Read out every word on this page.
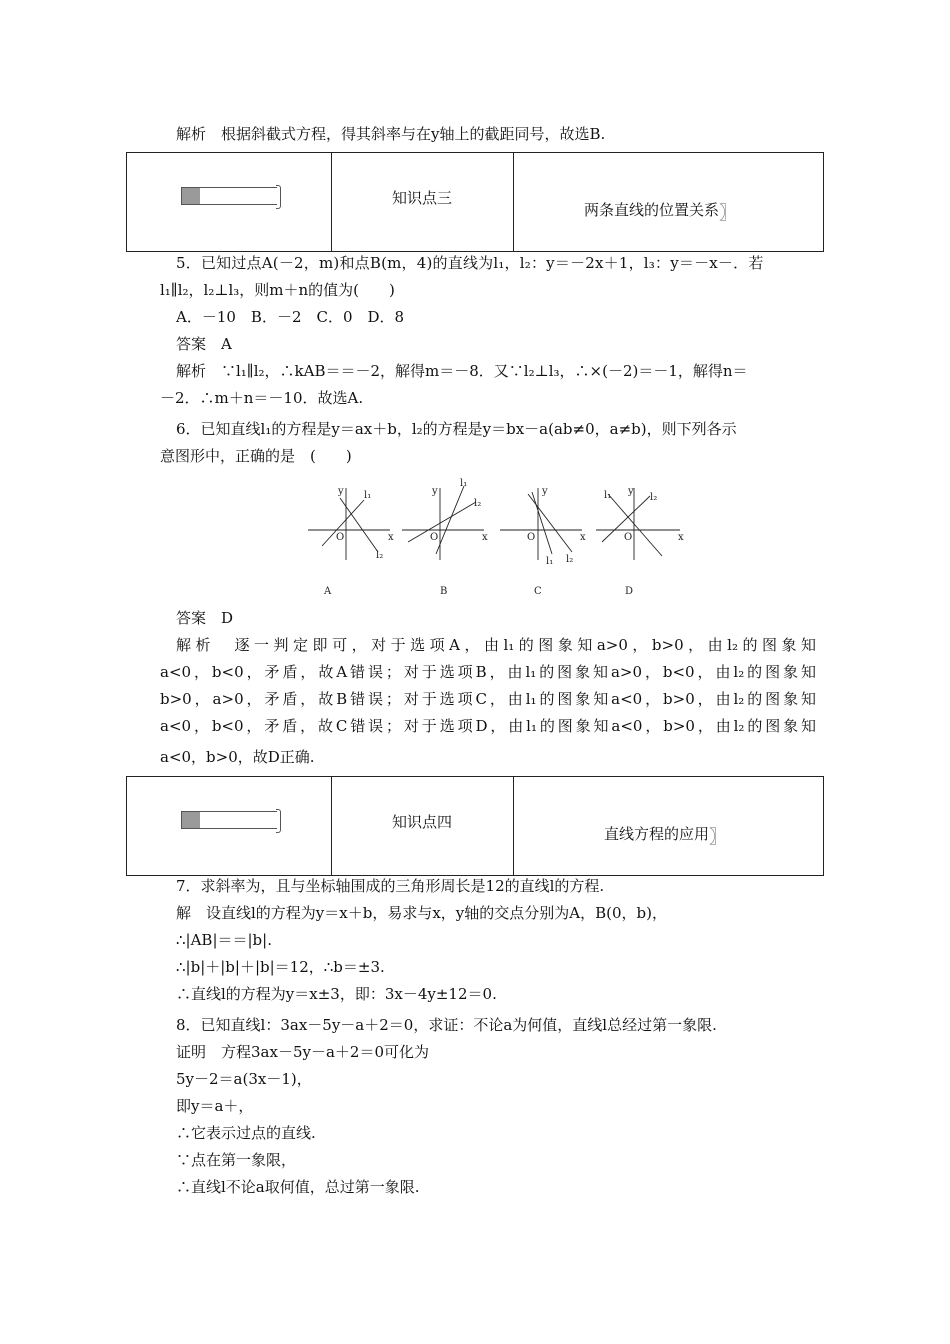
解析　根据斜截式方程，得其斜率与在y轴上的截距同号，故选B.
知识点三
两条直线的位置关系〗
5．已知过点A(－2，m)和点B(m，4)的直线为l₁，l₂：y＝－2x＋1，l₃：y＝－x－．若
l₁∥l₂，l₂⊥l₃，则m＋n的值为(　　)
A．－10　B．－2　C．0　D．8
答案　A
解析　∵l₁∥l₂，∴kAB＝＝－2，解得m＝－8．又∵l₂⊥l₃，∴×(－2)＝－1，解得n＝
－2．∴m＋n＝－10．故选A.
6．已知直线l₁的方程是y＝ax＋b，l₂的方程是y＝bx－a(ab≠0，a≠b)，则下列各示
意图形中，正确的是　(　　)
x
y
O
l₁
l₂
A
x
y
O
l₁
l₂
B
x
y
O
l₁ l₂
C
x
y
O
l₁	l₂
D
答案　D
解析　逐一判定即可，对于选项A，由l₁的图象知a>0，b>0，由l₂的图象知
a<0，b<0，矛盾，故A错误；对于选项B，由l₁的图象知a>0，b<0，由l₂的图象知
b>0，a>0，矛盾，故B错误；对于选项C，由l₁的图象知a<0，b>0，由l₂的图象知
a<0，b<0，矛盾，故C错误；对于选项D，由l₁的图象知a<0，b>0，由l₂的图象知
a<0，b>0，故D正确.
知识点四
直线方程的应用〗
7．求斜率为，且与坐标轴围成的三角形周长是12的直线l的方程.
解　设直线l的方程为y＝x＋b，易求与x，y轴的交点分别为A，B(0，b)，
∴|AB|＝＝|b|.
∴|b|＋|b|＋|b|＝12，∴b＝±3.
∴直线l的方程为y＝x±3，即：3x－4y±12＝0.
8．已知直线l：3ax－5y－a＋2＝0，求证：不论a为何值，直线l总经过第一象限.
证明　方程3ax－5y－a＋2＝0可化为
5y－2＝a(3x－1)，
即y＝a＋，
∴它表示过点的直线.
∵点在第一象限，
∴直线l不论a取何值，总过第一象限.
